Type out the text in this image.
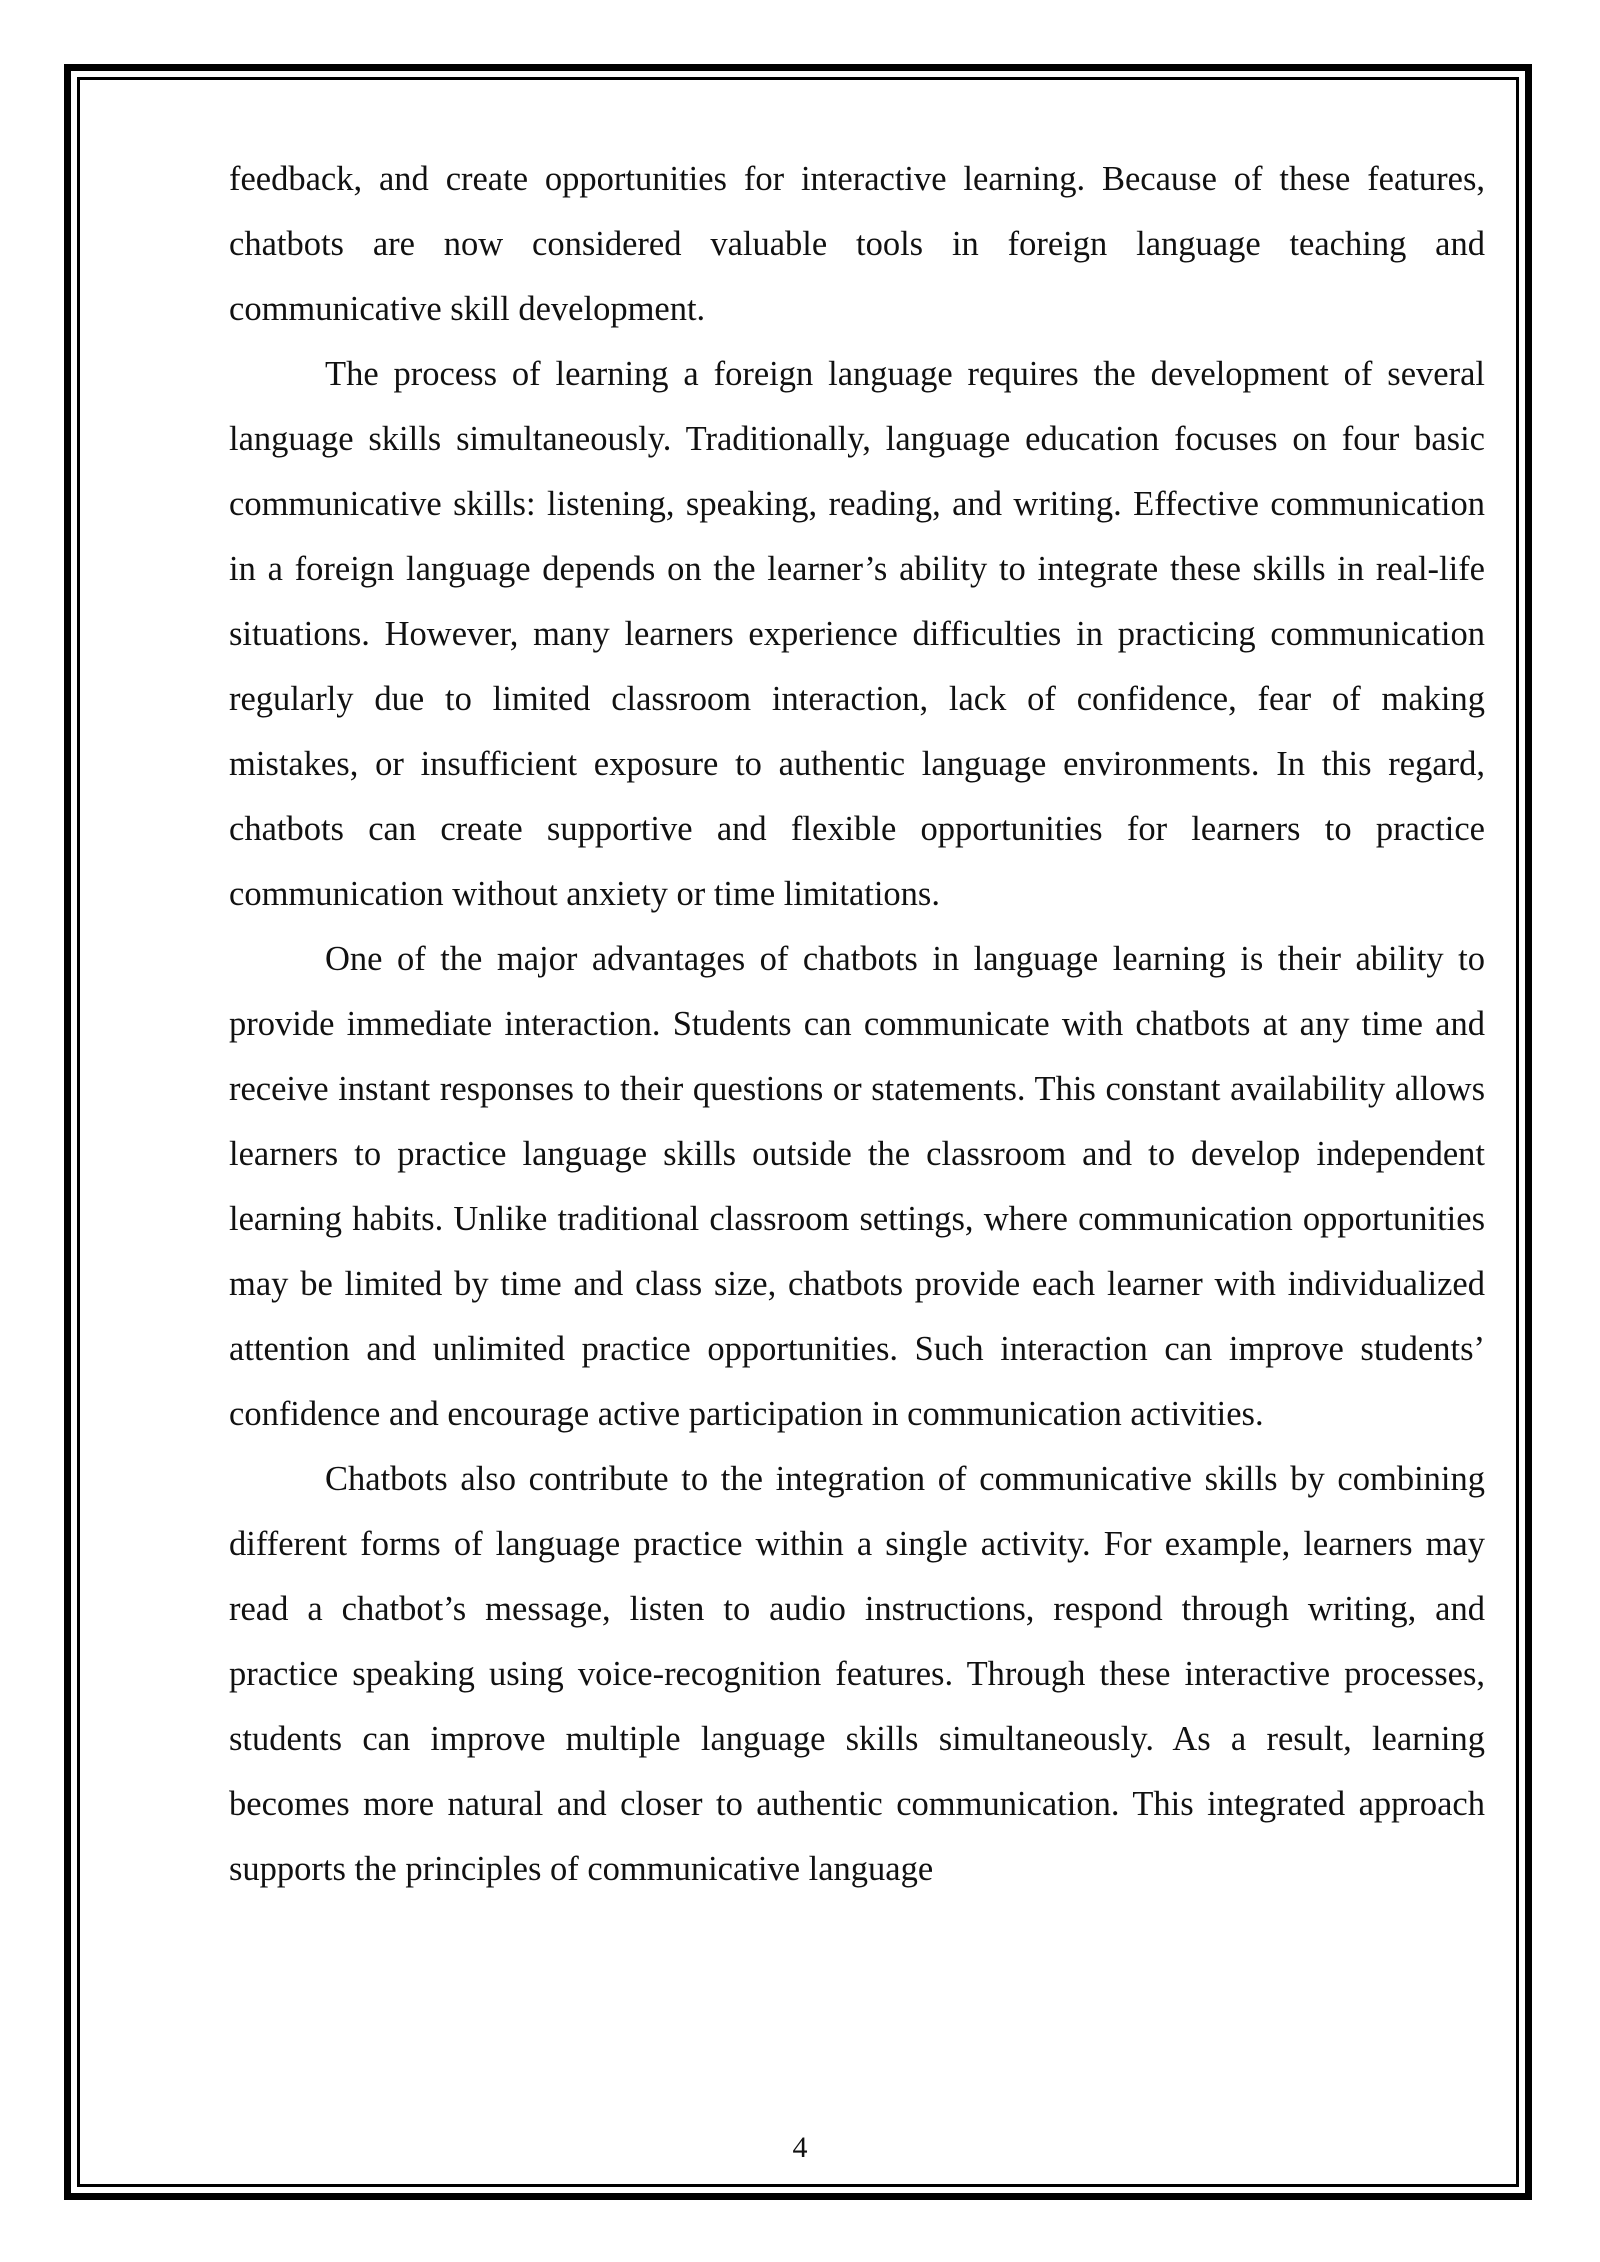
feedback, and create opportunities for interactive learning. Because of these features, chatbots are now considered valuable tools in foreign language teaching and communicative skill development.

The process of learning a foreign language requires the development of several language skills simultaneously. Traditionally, language education focuses on four basic communicative skills: listening, speaking, reading, and writing. Effective communication in a foreign language depends on the learner’s ability to integrate these skills in real-life situations. However, many learners experience difficulties in practicing communication regularly due to limited classroom interaction, lack of confidence, fear of making mistakes, or insufficient exposure to authentic language environments. In this regard, chatbots can create supportive and flexible opportunities for learners to practice communication without anxiety or time limitations.

One of the major advantages of chatbots in language learning is their ability to provide immediate interaction. Students can communicate with chatbots at any time and receive instant responses to their questions or statements. This constant availability allows learners to practice language skills outside the classroom and to develop independent learning habits. Unlike traditional classroom settings, where communication opportunities may be limited by time and class size, chatbots provide each learner with individualized attention and unlimited practice opportunities. Such interaction can improve students’ confidence and encourage active participation in communication activities.

Chatbots also contribute to the integration of communicative skills by combining different forms of language practice within a single activity. For example, learners may read a chatbot’s message, listen to audio instructions, respond through writing, and practice speaking using voice-recognition features. Through these interactive processes, students can improve multiple language skills simultaneously. As a result, learning becomes more natural and closer to authentic communication. This integrated approach supports the principles of communicative language

4
